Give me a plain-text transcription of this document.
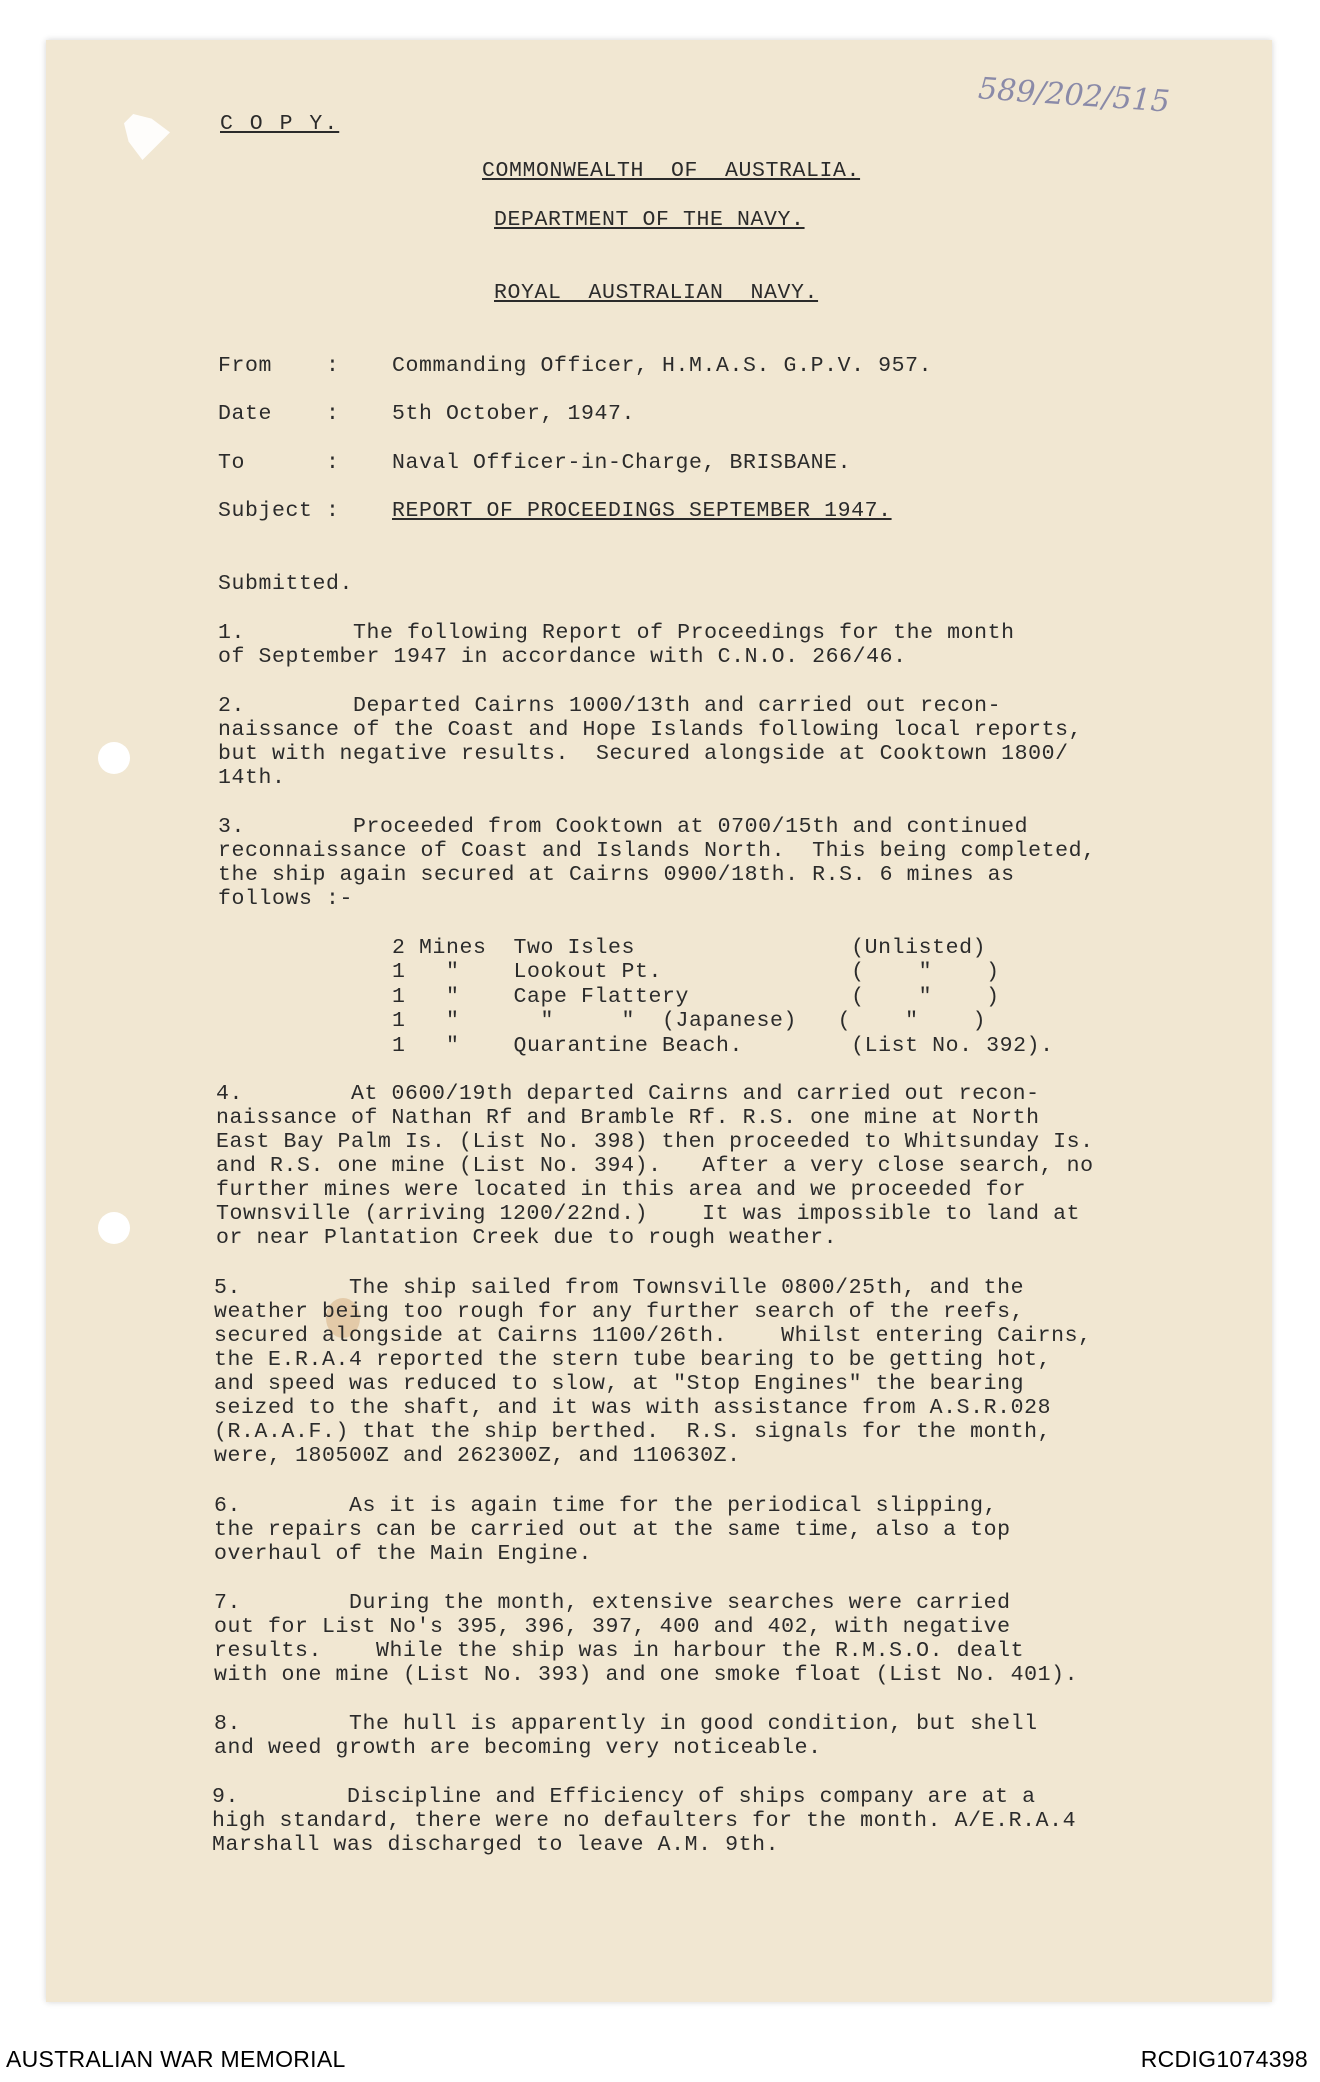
589/202/515
C O P Y.
COMMONWEALTH  OF  AUSTRALIA.
DEPARTMENT OF THE NAVY.
ROYAL  AUSTRALIAN  NAVY.
From    : Commanding Officer, H.M.A.S. G.P.V. 957.
Date    : 5th October, 1947.
To      : Naval Officer-in-Charge, BRISBANE.
Subject : REPORT OF PROCEEDINGS SEPTEMBER 1947.
Submitted.
1.        The following Report of Proceedings for the month
of September 1947 in accordance with C.N.O. 266/46.
2.        Departed Cairns 1000/13th and carried out recon-
naissance of the Coast and Hope Islands following local reports,
but with negative results.  Secured alongside at Cooktown 1800/
14th.
3.        Proceeded from Cooktown at 0700/15th and continued
reconnaissance of Coast and Islands North.  This being completed,
the ship again secured at Cairns 0900/18th. R.S. 6 mines as
follows :-
2 Mines  Two Isles                (Unlisted)
1   "    Lookout Pt.              (    "    )
1   "    Cape Flattery            (    "    )
1   "      "     "  (Japanese)   (    "    )
1   "    Quarantine Beach.        (List No. 392).
4.        At 0600/19th departed Cairns and carried out recon-
naissance of Nathan Rf and Bramble Rf. R.S. one mine at North
East Bay Palm Is. (List No. 398) then proceeded to Whitsunday Is.
and R.S. one mine (List No. 394).   After a very close search, no
further mines were located in this area and we proceeded for
Townsville (arriving 1200/22nd.)    It was impossible to land at
or near Plantation Creek due to rough weather.
5.        The ship sailed from Townsville 0800/25th, and the
weather being too rough for any further search of the reefs,
secured alongside at Cairns 1100/26th.    Whilst entering Cairns,
the E.R.A.4 reported the stern tube bearing to be getting hot,
and speed was reduced to slow, at "Stop Engines" the bearing
seized to the shaft, and it was with assistance from A.S.R.028
(R.A.A.F.) that the ship berthed.  R.S. signals for the month,
were, 180500Z and 262300Z, and 110630Z.
6.        As it is again time for the periodical slipping,
the repairs can be carried out at the same time, also a top
overhaul of the Main Engine.
7.        During the month, extensive searches were carried
out for List No's 395, 396, 397, 400 and 402, with negative
results.    While the ship was in harbour the R.M.S.O. dealt
with one mine (List No. 393) and one smoke float (List No. 401).
8.        The hull is apparently in good condition, but shell
and weed growth are becoming very noticeable.
9.        Discipline and Efficiency of ships company are at a
high standard, there were no defaulters for the month. A/E.R.A.4
Marshall was discharged to leave A.M. 9th.
AUSTRALIAN WAR MEMORIAL	RCDIG1074398
